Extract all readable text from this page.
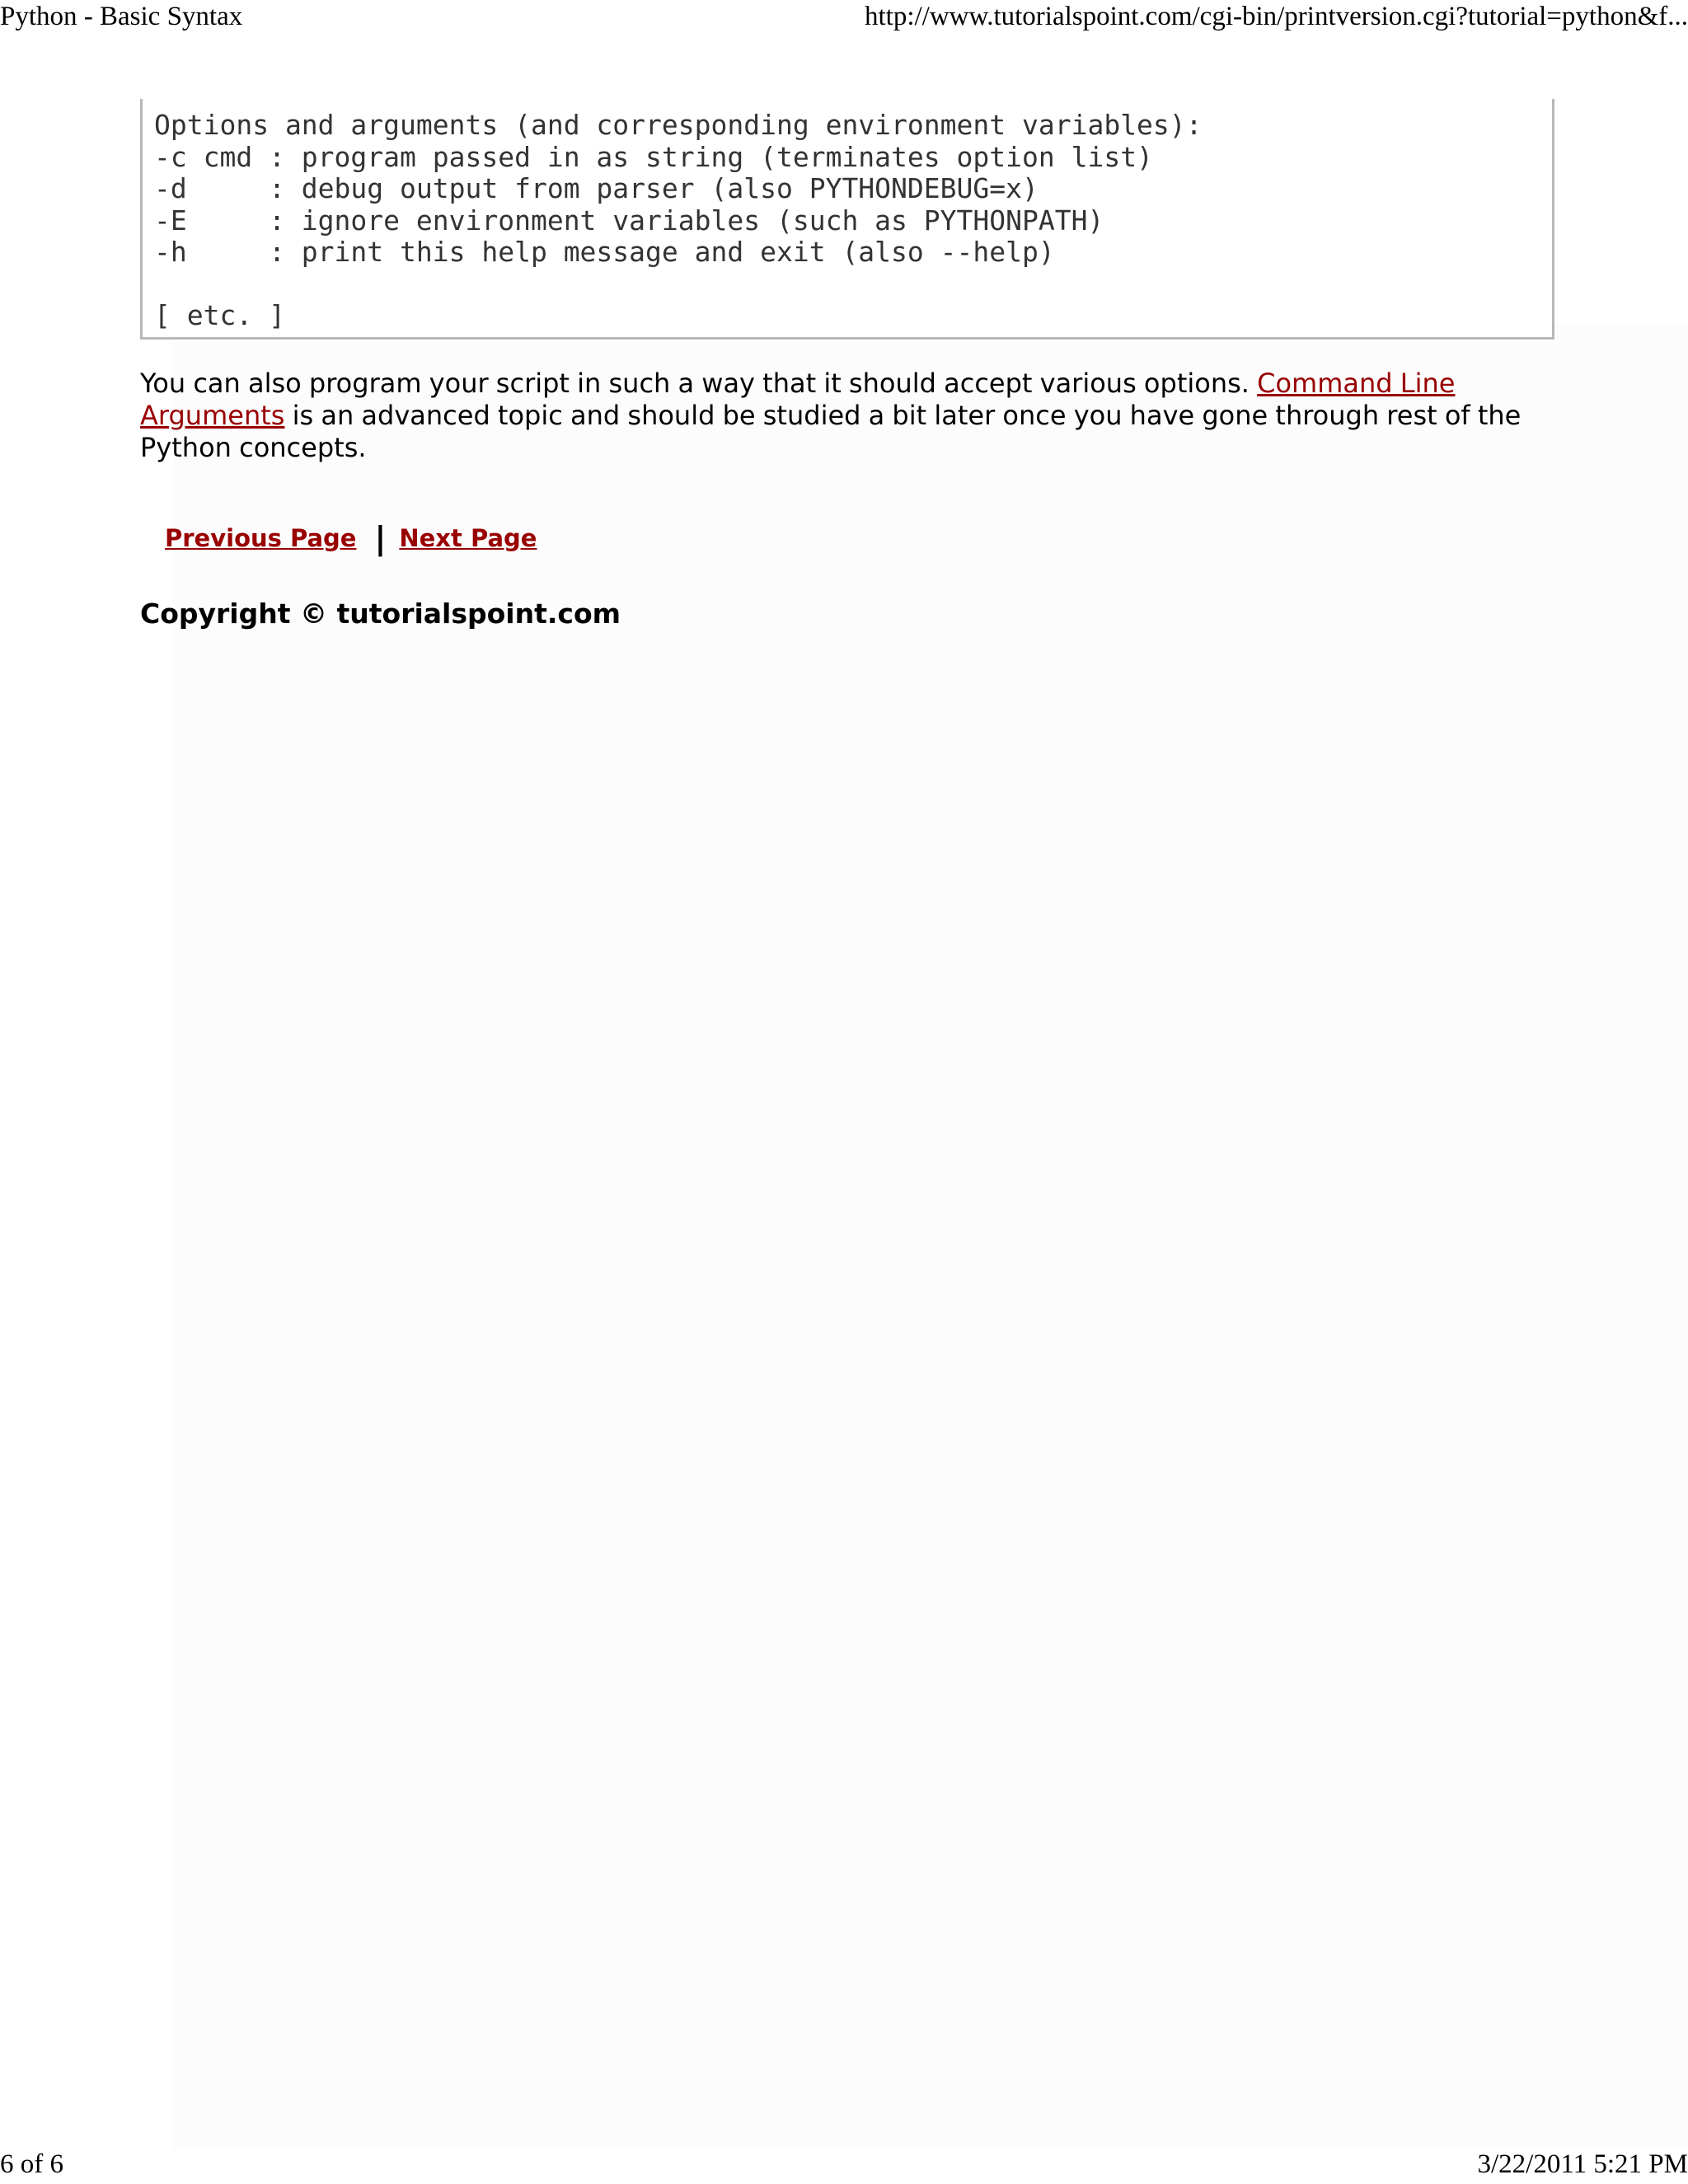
Python - Basic Syntax	http://www.tutorialspoint.com/cgi-bin/printversion.cgi?tutorial=python&f...
Options and arguments (and corresponding environment variables):
-c cmd : program passed in as string (terminates option list)
-d     : debug output from parser (also PYTHONDEBUG=x)
-E     : ignore environment variables (such as PYTHONPATH)
-h     : print this help message and exit (also --help)
[ etc. ]

You can also program your script in such a way that it should accept various options. Command Line Arguments is an advanced topic and should be studied a bit later once you have gone through rest of the Python concepts.

Previous Page | Next Page
Copyright © tutorialspoint.com
6 of 6	3/22/2011 5:21 PM
